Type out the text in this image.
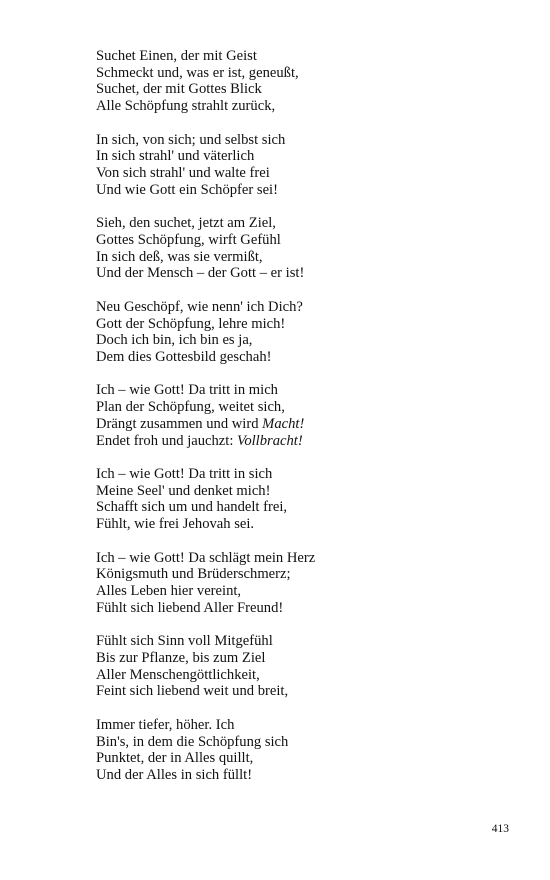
Suchet Einen, der mit Geist
Schmeckt und, was er ist, geneußt,
Suchet, der mit Gottes Blick
Alle Schöpfung strahlt zurück,
In sich, von sich; und selbst sich
In sich strahl' und väterlich
Von sich strahl' und walte frei
Und wie Gott ein Schöpfer sei!
Sieh, den suchet, jetzt am Ziel,
Gottes Schöpfung, wirft Gefühl
In sich deß, was sie vermißt,
Und der Mensch – der Gott – er ist!
Neu Geschöpf, wie nenn' ich Dich?
Gott der Schöpfung, lehre mich!
Doch ich bin, ich bin es ja,
Dem dies Gottesbild geschah!
Ich – wie Gott! Da tritt in mich
Plan der Schöpfung, weitet sich,
Drängt zusammen und wird Macht!
Endet froh und jauchzt: Vollbracht!
Ich – wie Gott! Da tritt in sich
Meine Seel' und denket mich!
Schafft sich um und handelt frei,
Fühlt, wie frei Jehovah sei.
Ich – wie Gott! Da schlägt mein Herz
Königsmuth und Brüderschmerz;
Alles Leben hier vereint,
Fühlt sich liebend Aller Freund!
Fühlt sich Sinn voll Mitgefühl
Bis zur Pflanze, bis zum Ziel
Aller Menschengöttlichkeit,
Feint sich liebend weit und breit,
Immer tiefer, höher. Ich
Bin's, in dem die Schöpfung sich
Punktet, der in Alles quillt,
Und der Alles in sich füllt!
413
